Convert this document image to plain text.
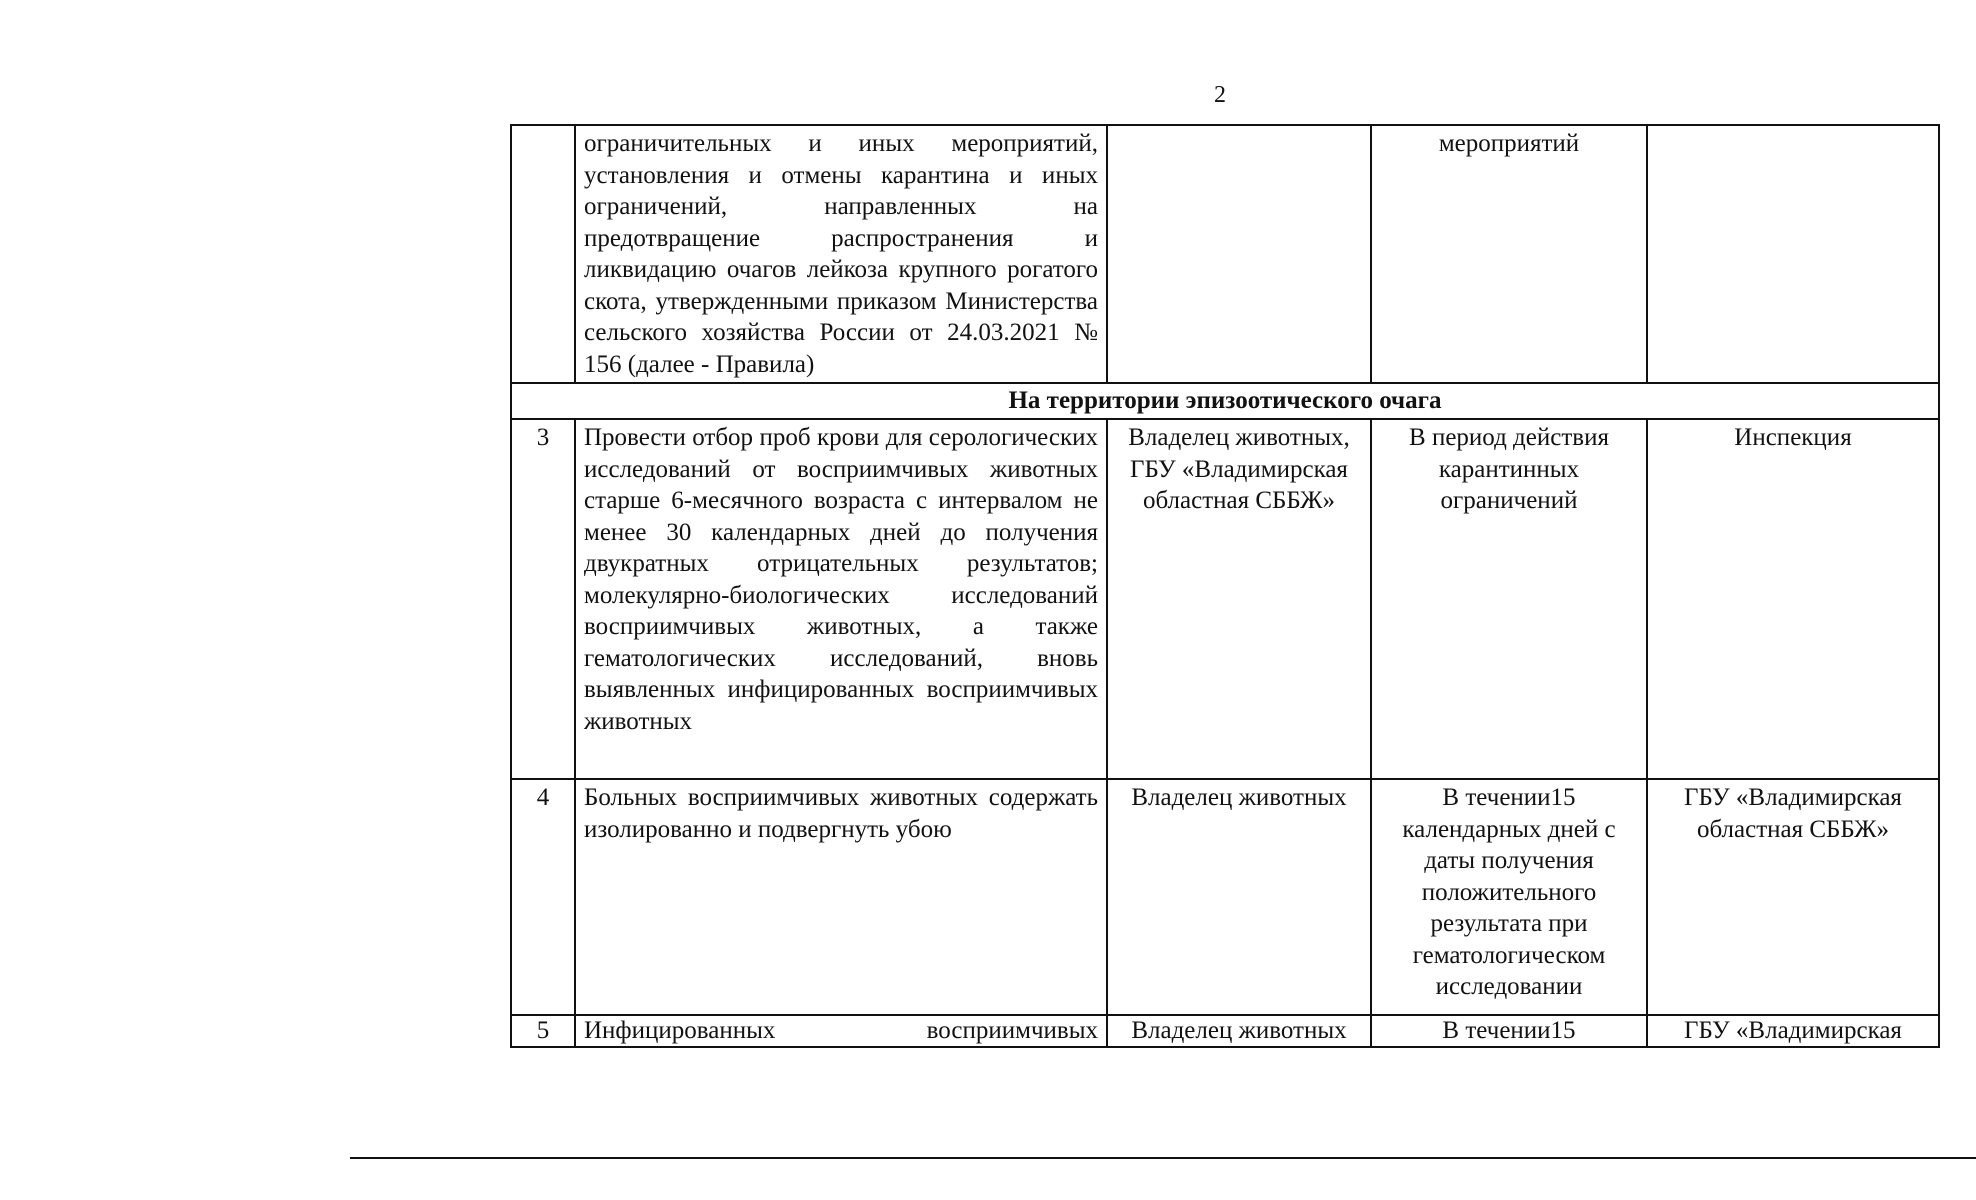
2
	ограничительных и иных мероприятий, установления и отмены карантина и иных ограничений, направленных на предотвращение распространения и ликвидацию очагов лейкоза крупного рогатого скота, утвержденными приказом Министерства сельского хозяйства России от 24.03.2021 № 156 (далее - Правила)		мероприятий	
На территории эпизоотического очага				
3	Провести отбор проб крови для серологических исследований от восприимчивых животных старше 6-месячного возраста с интервалом не менее 30 календарных дней до получения двукратных отрицательных результатов; молекулярно-биологических исследований восприимчивых животных, а также гематологических исследований, вновь выявленных инфицированных восприимчивых животных	Владелец животных, ГБУ «Владимирская областная СББЖ»	В период действия карантинных ограничений	Инспекция
4	Больных восприимчивых животных содержать изолированно и подвергнуть убою	Владелец животных	В течении15 календарных дней с даты получения положительного результата при гематологическом исследовании	ГБУ «Владимирская областная СББЖ»
5	Инфицированных восприимчивых	Владелец животных	В течении15	ГБУ «Владимирская
